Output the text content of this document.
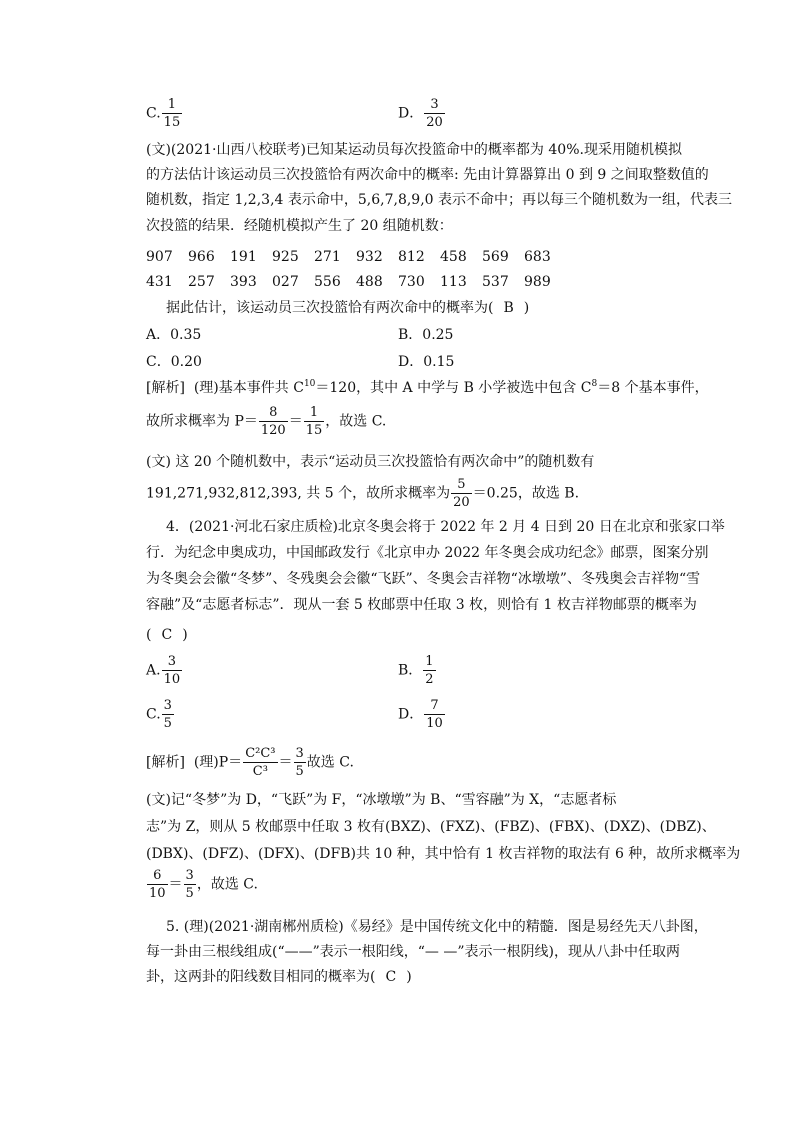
C. $\frac{1}{15}$	D． $\frac{3}{20}$
(文)(2021·山西八校联考)已知某运动员每次投篮命中的概率都为 40%.现采用随机模拟
的方法估计该运动员三次投篮恰有两次命中的概率: 先由计算器算出 0 到 9 之间取整数值的
随机数，指定 1,2,3,4 表示命中，5,6,7,8,9,0 表示不命中；再以每三个随机数为一组，代表三
次投篮的结果．经随机模拟产生了 20 组随机数：
907 966 191 925 271 932 812 458 569 683
431 257 393 027 556 488 730 113 537 989
据此估计，该运动员三次投篮恰有两次命中的概率为( B )
A．0.35	B．0.25
C．0.20	D．0.15
[解析] (理)基本事件共 $C^{10}=120$，其中 A 中学与 B 小学被选中包含 $C^8=8$ 个基本事件，
故所求概率为 $P= \frac{8}{120} = \frac{1}{15}$ ，故选 C.
(文) 这 20 个随机数中，表示“运动员三次投篮恰有两次命中”的随机数有
191,271,932,812,393, 共 5 个，故所求概率为 $\frac{5}{20} =0.25$，故选 B.
4．(2021·河北石家庄质检)北京冬奥会将于 2022 年 2 月 4 日到 20 日在北京和张家口举
行．为纪念申奥成功，中国邮政发行《北京申办 2022 年冬奥会成功纪念》邮票，图案分别
为冬奥会会徽“冬梦”、冬残奥会会徽“飞跃”、冬奥会吉祥物“冰墩墩”、冬残奥会吉祥物“雪
容融”及“志愿者标志”．现从一套 5 枚邮票中任取 3 枚，则恰有 1 枚吉祥物邮票的概率为
( C )
A. $\frac{3}{10}$	B． $\frac{1}{2}$
C. $\frac{3}{5}$	D． $\frac{7}{10}$
[解析] (理)$P= \frac{\text{C²C³}}{\text{C³}} = \frac{3}{5}$ 故选 C.
(文)记“冬梦”为 D，“飞跃”为 F，“冰墩墩”为 B、“雪容融”为 X，“志愿者标
志”为 Z，则从 5 枚邮票中任取 3 枚有(BXZ)、(FXZ)、(FBZ)、(FBX)、(DXZ)、(DBZ)、
(DBX)、(DFZ)、(DFX)、(DFB)共 10 种，其中恰有 1 枚吉祥物的取法有 6 种，故所求概率为
$\frac{6}{10} = \frac{3}{5}$ ，故选 C.
5. (理)(2021·湖南郴州质检)《易经》是中国传统文化中的精髓．图是易经先天八卦图，
每一卦由三根线组成(“——”表示一根阳线，“— —”表示一根阴线)，现从八卦中任取两
卦，这两卦的阳线数目相同的概率为( C )
